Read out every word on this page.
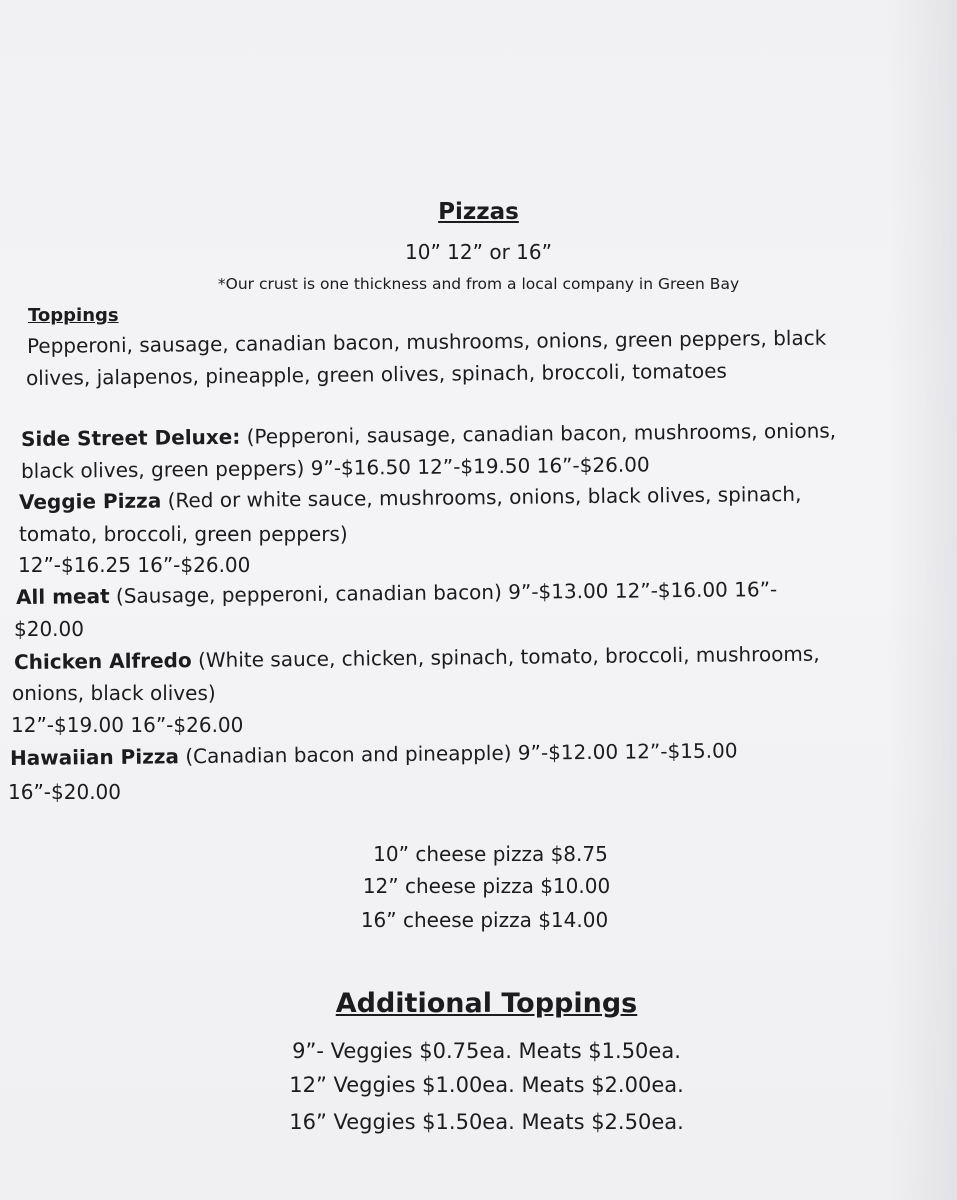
Pizzas
10” 12” or 16”
*Our crust is one thickness and from a local company in Green Bay
Toppings
Pepperoni, sausage, canadian bacon, mushrooms, onions, green peppers, black
olives, jalapenos, pineapple, green olives, spinach, broccoli, tomatoes
Side Street Deluxe: (Pepperoni, sausage, canadian bacon, mushrooms, onions,
black olives, green peppers) 9”-$16.50 12”-$19.50 16”-$26.00
Veggie Pizza (Red or white sauce, mushrooms, onions, black olives, spinach,
tomato, broccoli, green peppers)
12”-$16.25 16”-$26.00
All meat (Sausage, pepperoni, canadian bacon) 9”-$13.00 12”-$16.00 16”-
$20.00
Chicken Alfredo (White sauce, chicken, spinach, tomato, broccoli, mushrooms,
onions, black olives)
12”-$19.00 16”-$26.00
Hawaiian Pizza (Canadian bacon and pineapple) 9”-$12.00 12”-$15.00
16”-$20.00
10” cheese pizza $8.75
12” cheese pizza $10.00
16” cheese pizza $14.00
Additional Toppings
9”- Veggies $0.75ea. Meats $1.50ea.
12” Veggies $1.00ea. Meats $2.00ea.
16” Veggies $1.50ea. Meats $2.50ea.
